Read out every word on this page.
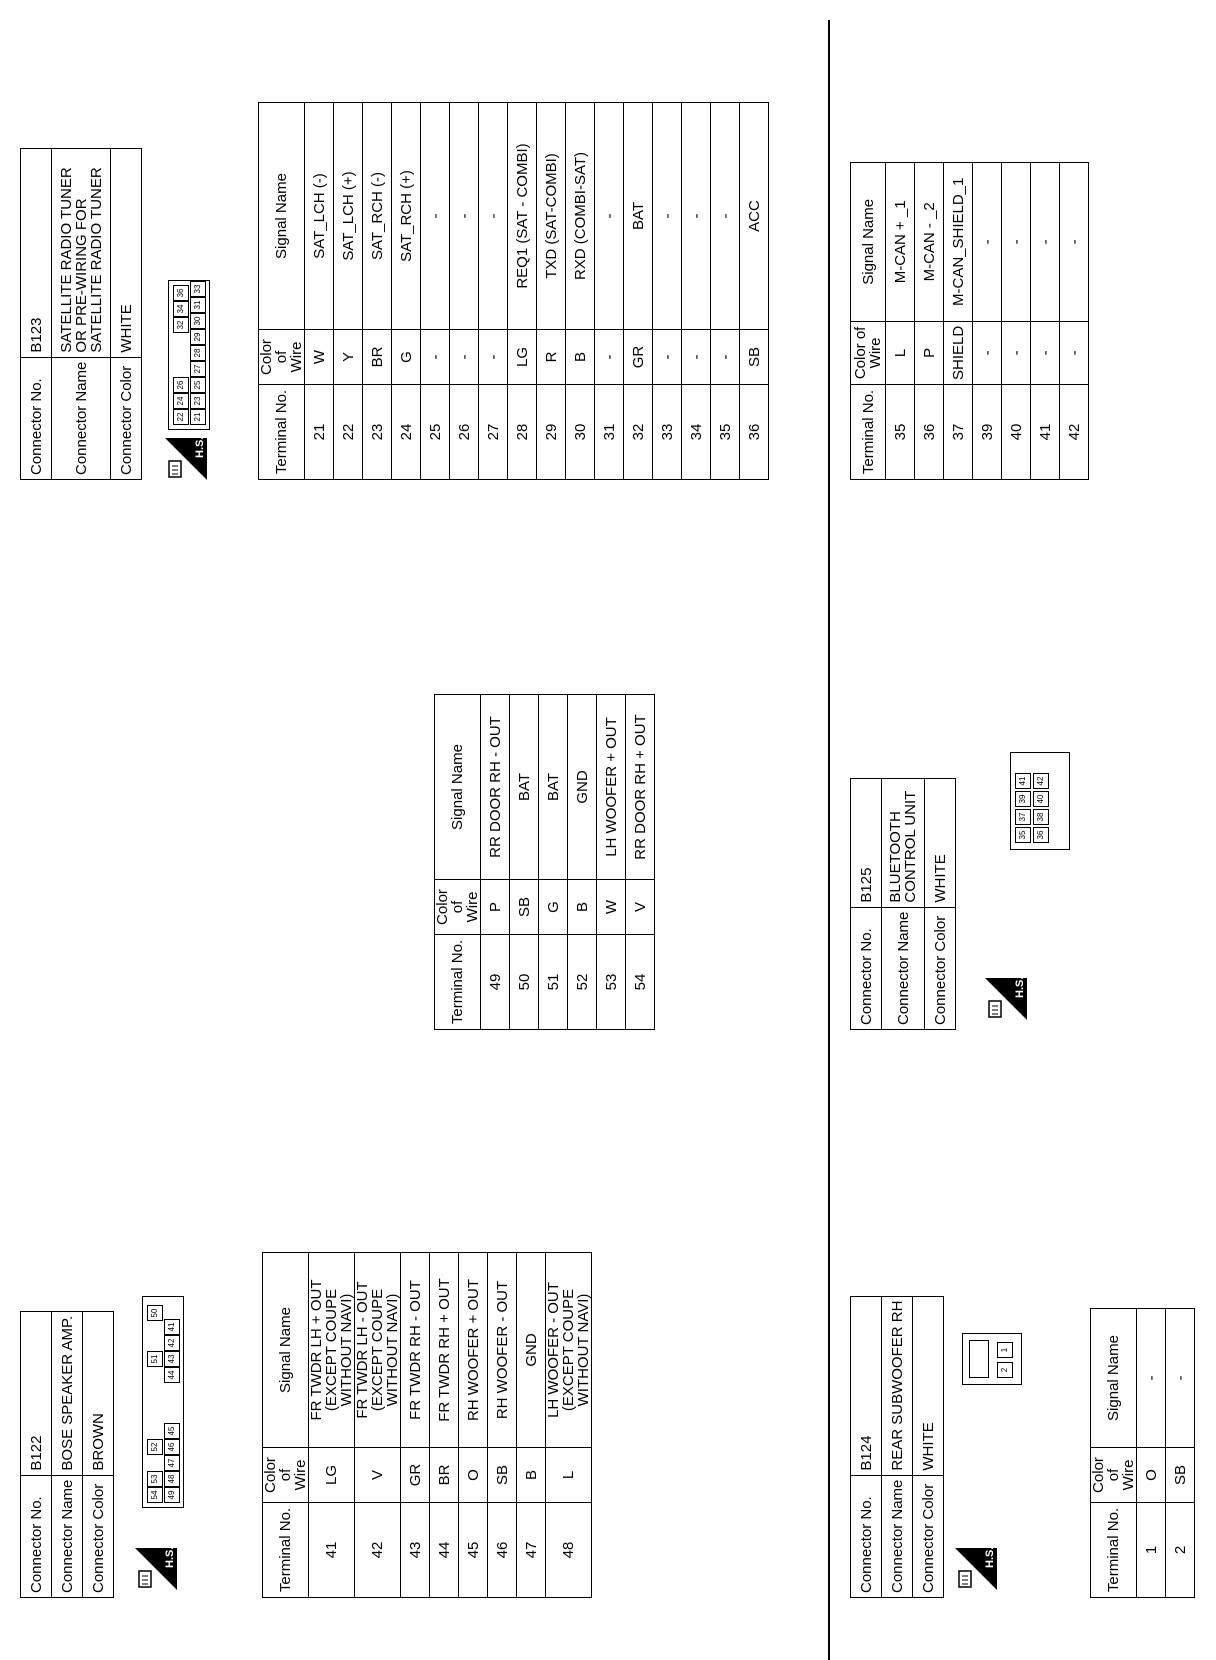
Connector No.	B122
Connector Name	BOSE SPEAKER AMP.
Connector Color	BROWN
H.S.
54
53
52
51
50
49
48
47
46
45
44
43
42
41
Terminal No.	Color of Wire	Signal Name
41	LG	FR TWDR LH + OUT (EXCEPT COUPE WITHOUT NAVI)
42	V	FR TWDR LH - OUT (EXCEPT COUPE WITHOUT NAVI)
43	GR	FR TWDR RH - OUT
44	BR	FR TWDR RH + OUT
45	O	RH WOOFER + OUT
46	SB	RH WOOFER - OUT
47	B	GND
48	L	LH WOOFER - OUT (EXCEPT COUPE WITHOUT NAVI)
Terminal No.	Color of Wire	Signal Name
49	P	RR DOOR RH - OUT
50	SB	BAT
51	G	BAT
52	B	GND
53	W	LH WOOFER + OUT
54	V	RR DOOR RH + OUT
Connector No.	B123
Connector Name	SATELLITE RADIO TUNER OR PRE-WIRING FOR SATELLITE RADIO TUNER
Connector Color	WHITE
H.S.
22
24
26
32
34
36
21
23
25
27
28
29
30
31
33
Terminal No.	Color of Wire	Signal Name
21	W	SAT_LCH (-)
22	Y	SAT_LCH (+)
23	BR	SAT_RCH (-)
24	G	SAT_RCH (+)
25	-	-
26	-	-
27	-	-
28	LG	REQ1 (SAT - COMBI)
29	R	TXD (SAT-COMBI)
30	B	RXD (COMBI-SAT)
31	-	-
32	GR	BAT
33	-	-
34	-	-
35	-	-
36	SB	ACC
Connector No.	B124
Connector Name	REAR SUBWOOFER RH
Connector Color	WHITE
H.S.
2
1
Terminal No.	Color of Wire	Signal Name
1	O	-
2	SB	-
Connector No.	B125
Connector Name	BLUETOOTH CONTROL UNIT
Connector Color	WHITE
H.S.
35
37
39
41
36
38
40
42
Terminal No.	Color of Wire	Signal Name
35	L	M-CAN + _1
36	P	M-CAN - _2
37	SHIELD	M-CAN_SHIELD_1
39	-	-
40	-	-
41	-	-
42	-	-
